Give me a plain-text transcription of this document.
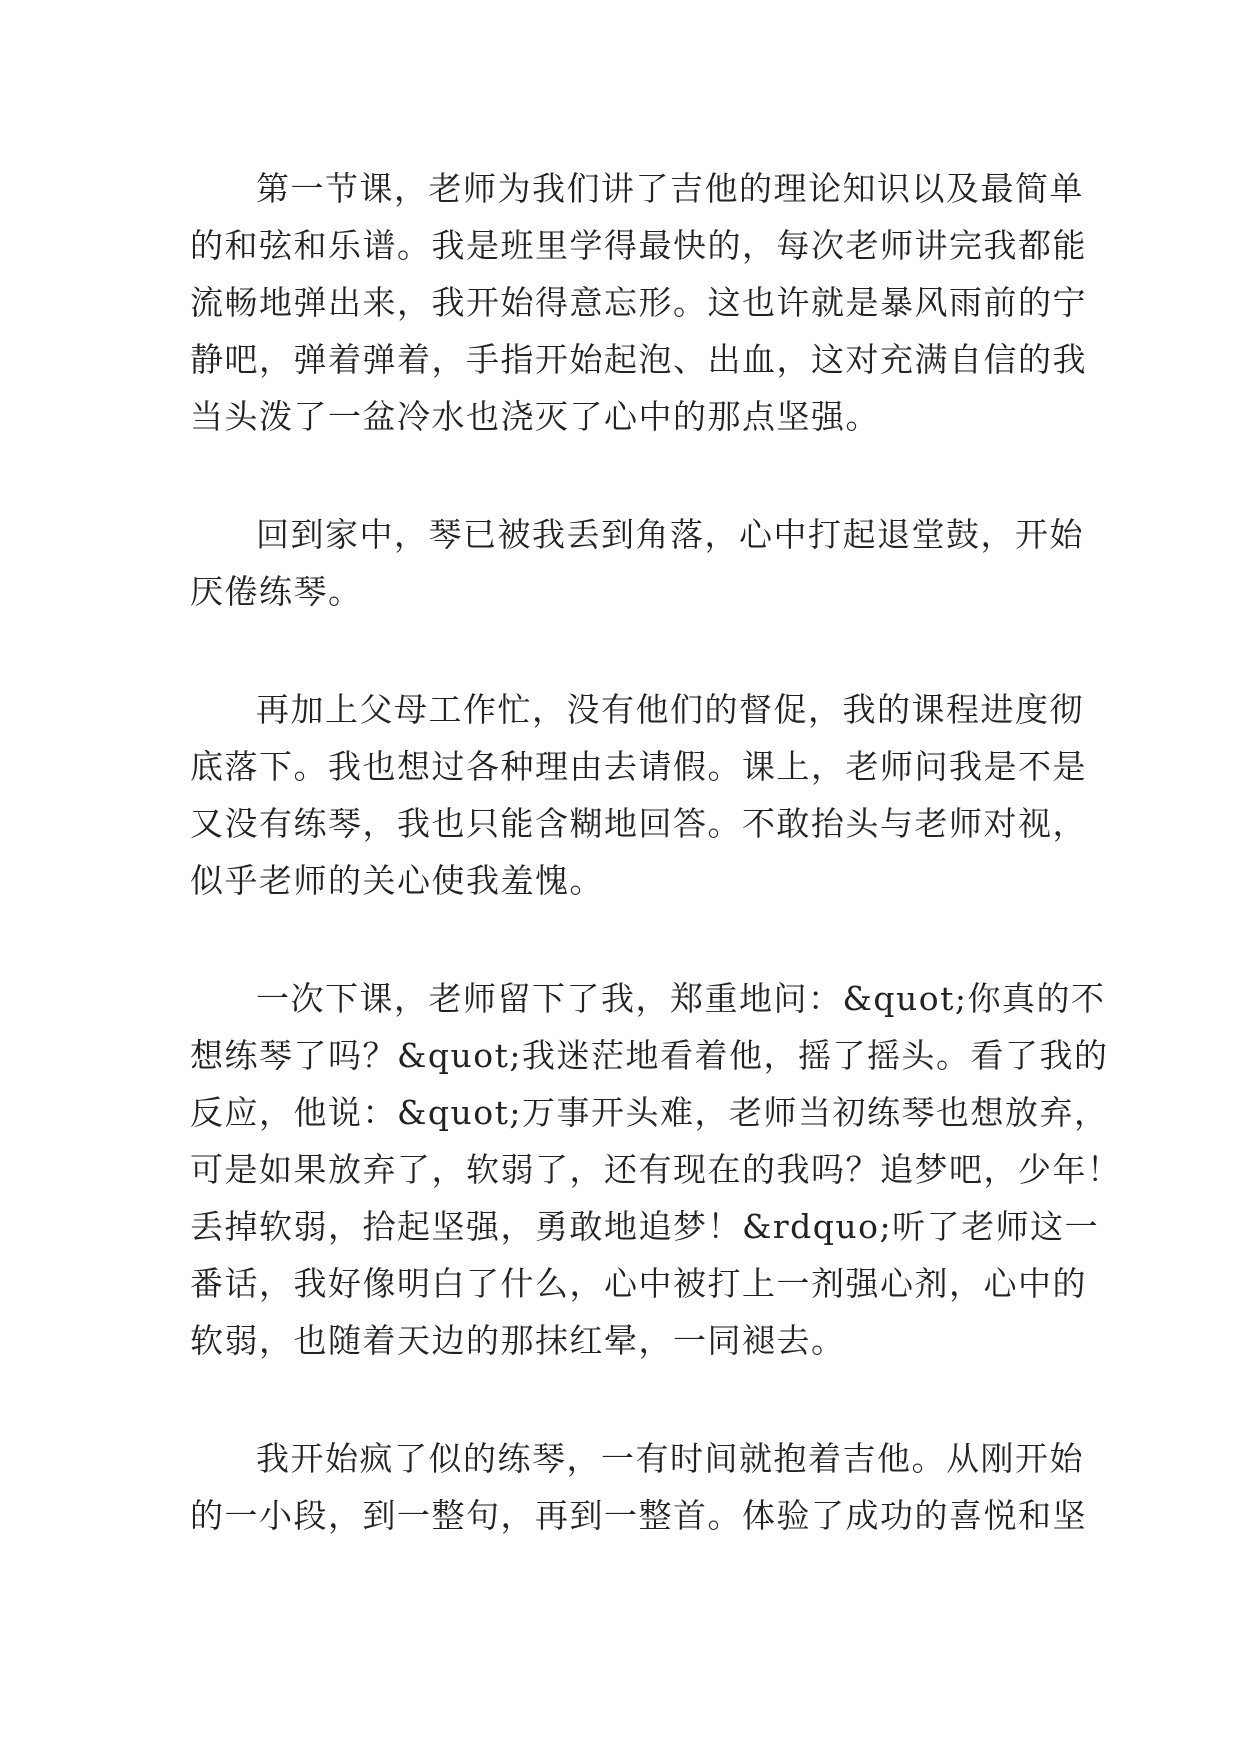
第一节课，老师为我们讲了吉他的理论知识以及最简单
的和弦和乐谱。我是班里学得最快的，每次老师讲完我都能
流畅地弹出来，我开始得意忘形。这也许就是暴风雨前的宁
静吧，弹着弹着，手指开始起泡、出血，这对充满自信的我
当头泼了一盆冷水也浇灭了心中的那点坚强。
回到家中，琴已被我丢到角落，心中打起退堂鼓，开始
厌倦练琴。
再加上父母工作忙，没有他们的督促，我的课程进度彻
底落下。我也想过各种理由去请假。课上，老师问我是不是
又没有练琴，我也只能含糊地回答。不敢抬头与老师对视，
似乎老师的关心使我羞愧。
一次下课，老师留下了我，郑重地问：&quot;你真的不
想练琴了吗？&quot;我迷茫地看着他，摇了摇头。看了我的
反应，他说：&quot;万事开头难，老师当初练琴也想放弃，
可是如果放弃了，软弱了，还有现在的我吗？追梦吧，少年！
丢掉软弱，拾起坚强，勇敢地追梦！&rdquo;听了老师这一
番话，我好像明白了什么，心中被打上一剂强心剂，心中的
软弱，也随着天边的那抹红晕，一同褪去。
我开始疯了似的练琴，一有时间就抱着吉他。从刚开始
的一小段，到一整句，再到一整首。体验了成功的喜悦和坚
